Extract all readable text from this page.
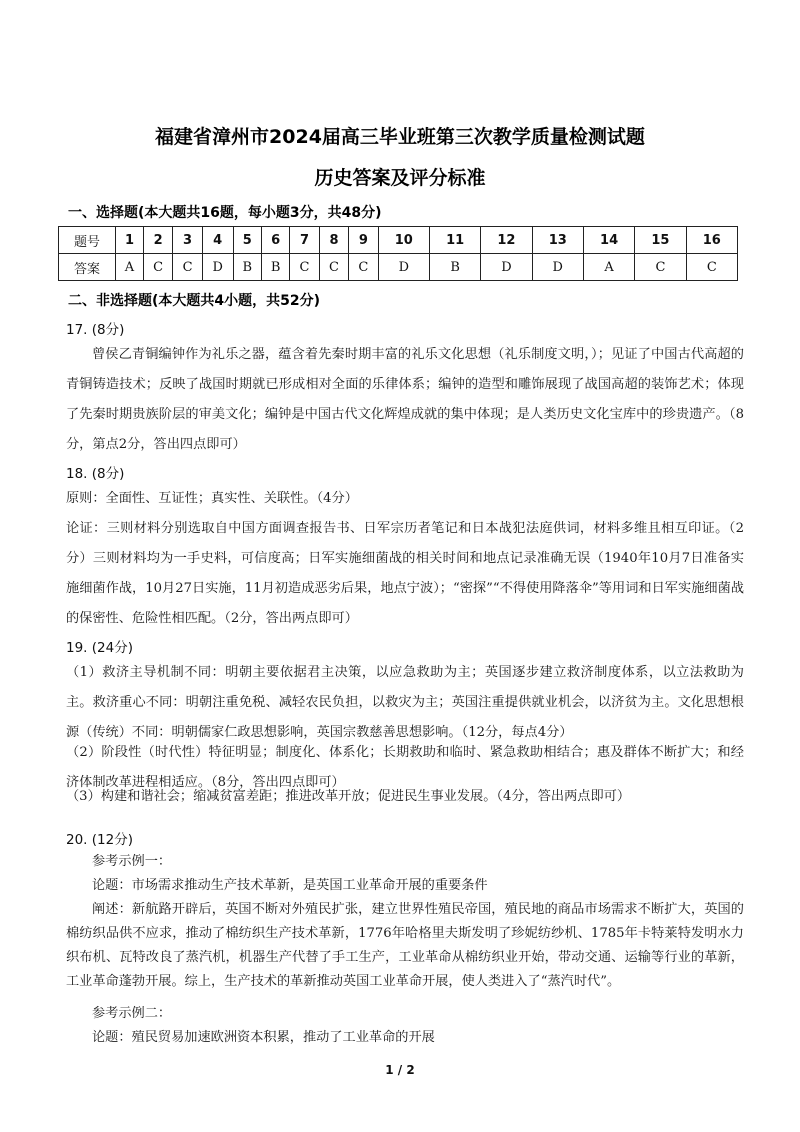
福建省漳州市2024届高三毕业班第三次教学质量检测试题
历史答案及评分标准
一、选择题(本大题共16题，每小题3分，共48分)
题号	1	2	3	4	5	6	7	8	9	10	11	12	13	14	15	16
答案	A	C	C	D	B	B	C	C	C	D	B	D	D	A	C	C
二、非选择题(本大题共4小题，共52分)
17. (8分)
曾侯乙青铜编钟作为礼乐之器，蕴含着先秦时期丰富的礼乐文化思想（礼乐制度文明，）；见证了中国古代高超的青铜铸造技术；反映了战国时期就已形成相对全面的乐律体系；编钟的造型和雕饰展现了战国高超的装饰艺术；体现了先秦时期贵族阶层的审美文化；编钟是中国古代文化辉煌成就的集中体现；是人类历史文化宝库中的珍贵遗产。（8分，第点2分，答出四点即可）
18. (8分)
原则：全面性、互证性；真实性、关联性。（4分）
论证：三则材料分别选取自中国方面调查报告书、日军宗历者笔记和日本战犯法庭供词，材料多维且相互印证。（2分）三则材料均为一手史料，可信度高；日军实施细菌战的相关时间和地点记录准确无误（1940年10月7日准备实施细菌作战，10月27日实施，11月初造成恶劣后果，地点宁波）；“密探”“不得使用降落伞”等用词和日军实施细菌战的保密性、危险性相匹配。（2分，答出两点即可）
19. (24分)
（1）救济主导机制不同：明朝主要依据君主决策，以应急救助为主；英国逐步建立救济制度体系，以立法救助为主。救济重心不同：明朝注重免税、减轻农民负担，以救灾为主；英国注重提供就业机会，以济贫为主。文化思想根源（传统）不同：明朝儒家仁政思想影响，英国宗教慈善思想影响。（12分，每点4分）
（2）阶段性（时代性）特征明显；制度化、体系化；长期救助和临时、紧急救助相结合；惠及群体不断扩大；和经济体制改革进程相适应。（8分，答出四点即可）
（3）构建和谐社会；缩减贫富差距；推进改革开放；促进民生事业发展。（4分，答出两点即可）
20. (12分)
参考示例一：
论题：市场需求推动生产技术革新，是英国工业革命开展的重要条件
阐述：新航路开辟后，英国不断对外殖民扩张，建立世界性殖民帝国，殖民地的商品市场需求不断扩大，英国的棉纺织品供不应求，推动了棉纺织生产技术革新，1776年哈格里夫斯发明了珍妮纺纱机、1785年卡特莱特发明水力织布机、瓦特改良了蒸汽机，机器生产代替了手工生产，工业革命从棉纺织业开始，带动交通、运输等行业的革新，工业革命蓬勃开展。综上，生产技术的革新推动英国工业革命开展，使人类进入了“蒸汽时代”。
参考示例二：
论题：殖民贸易加速欧洲资本积累，推动了工业革命的开展
1 / 2
